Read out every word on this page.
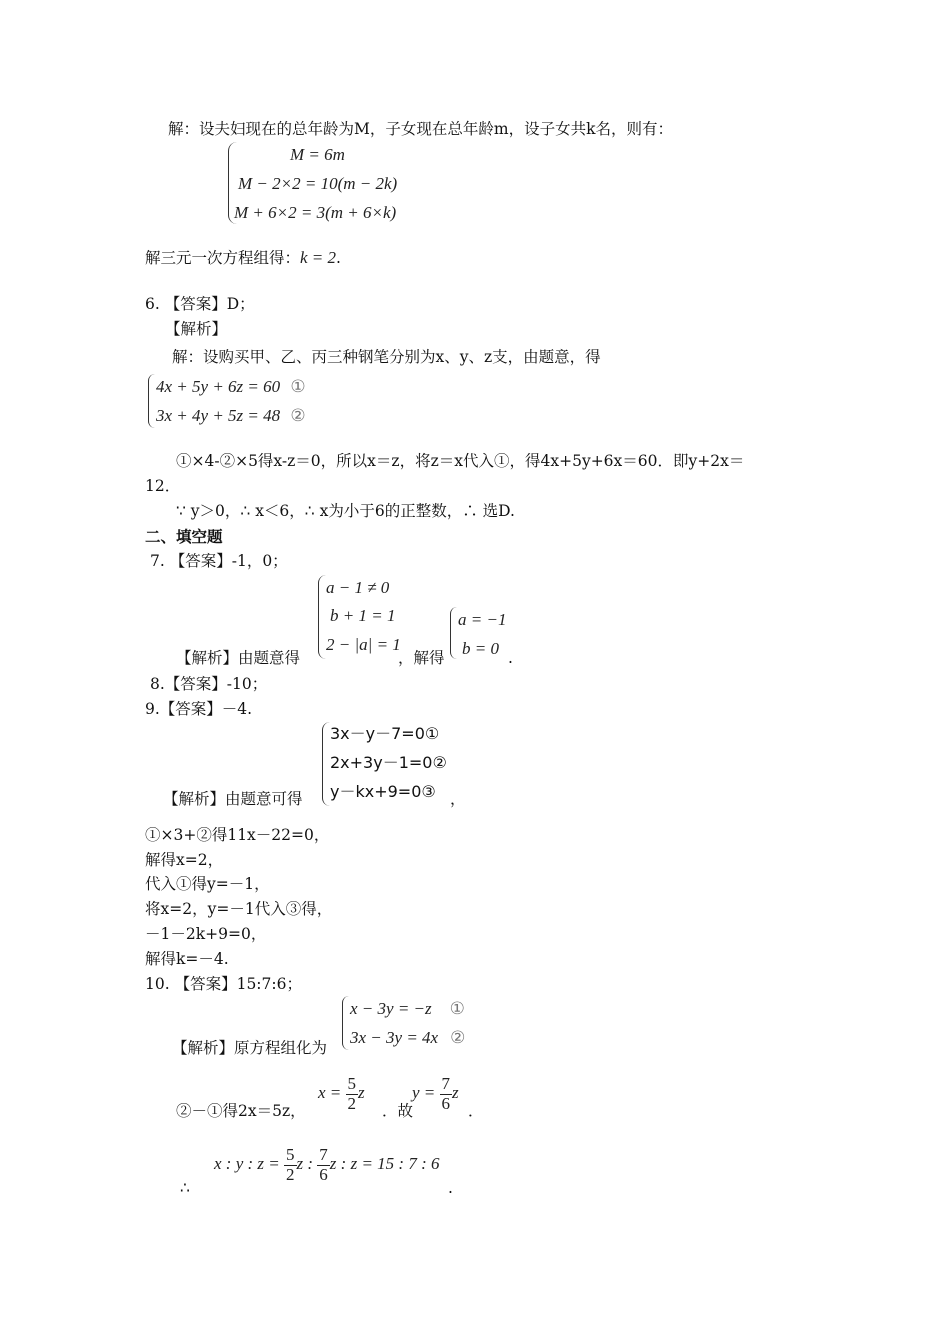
解：设夫妇现在的总年龄为M，子女现在总年龄m，设子女共k名，则有：
M = 6m
M − 2×2 = 10(m − 2k)
M + 6×2 = 3(m + 6×k)
解三元一次方程组得：k = 2.
6. 【答案】D；
【解析】
解：设购买甲、乙、丙三种钢笔分别为x、y、z支，由题意，得
4x + 5y + 6z = 60 ①
3x + 4y + 5z = 48 ②
①×4-②×5得x-z＝0，所以x＝z，将z＝x代入①，得4x+5y+6x＝60．即y+2x＝
12．
∵ y＞0，∴ x＜6，∴ x为小于6的正整数，∴ 选D.
二、填空题
7. 【答案】-1，0；
a − 1 ≠ 0
b + 1 = 1
2 − |a| = 1
【解析】由题意得	，解得
a = −1
b = 0 .
8.【答案】-10；
9.【答案】－4.
3x－y－7=0①
2x+3y－1=0②
y－kx+9=0③
【解析】由题意可得	，
①×3+②得11x－22=0，
解得x=2，
代入①得y=－1，
将x=2，y=－1代入③得，
－1－2k+9=0，
解得k=－4.
10. 【答案】15:7:6；
x − 3y = −z ①
3x − 3y = 4x ②
【解析】原方程组化为
②－①得2x＝5z，
$x = \frac{5}{2}$ z
．故
$y = \frac{7}{6}$ z
．
∴
x : y : $z = \frac{5}{2}$ z : $\frac{7}{6}$ z : z = 15 : 7 : 6
.
